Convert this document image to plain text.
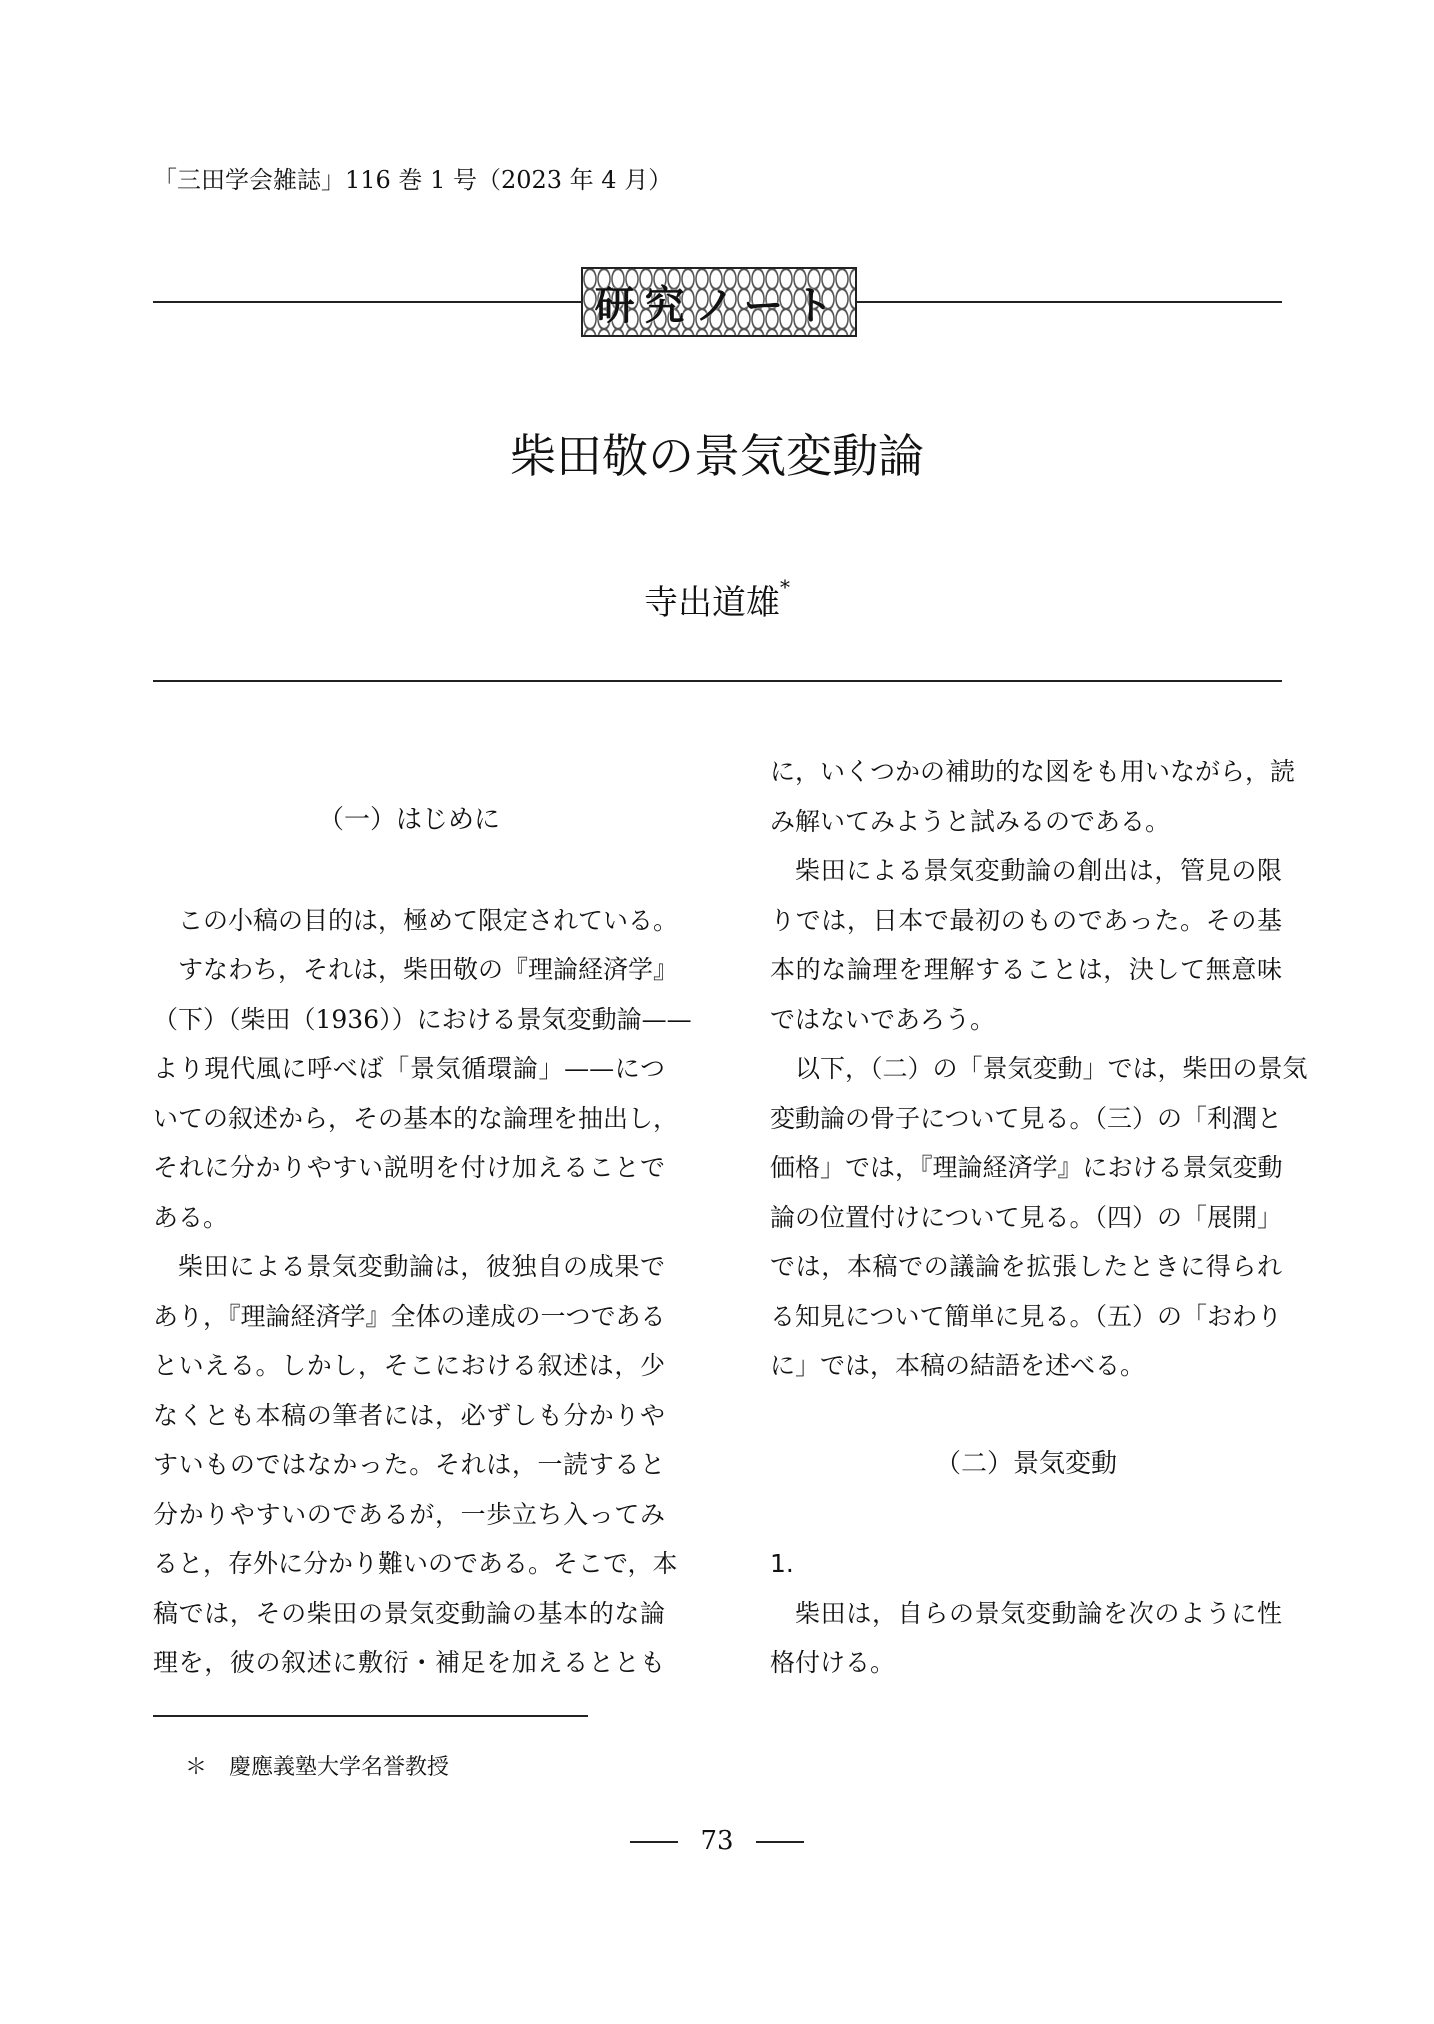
「三田学会雑誌」116 巻 1 号（2023 年 4 月）
研究ノート
柴田敬の景気変動論
寺出道雄*
（一）はじめに
この小稿の目的は，極めて限定されている。
すなわち，それは，柴田敬の『理論経済学』
（下）（柴田（1936））における景気変動論——
より現代風に呼べば「景気循環論」——につ
いての叙述から，その基本的な論理を抽出し，
それに分かりやすい説明を付け加えることで
ある。
柴田による景気変動論は，彼独自の成果で
あり，『理論経済学』全体の達成の一つである
といえる。しかし，そこにおける叙述は，少
なくとも本稿の筆者には，必ずしも分かりや
すいものではなかった。それは，一読すると
分かりやすいのであるが，一歩立ち入ってみ
ると，存外に分かり難いのである。そこで，本
稿では，その柴田の景気変動論の基本的な論
理を，彼の叙述に敷衍・補足を加えるととも
に，いくつかの補助的な図をも用いながら，読
み解いてみようと試みるのである。
柴田による景気変動論の創出は，管見の限
りでは，日本で最初のものであった。その基
本的な論理を理解することは，決して無意味
ではないであろう。
以下，（二）の「景気変動」では，柴田の景気
変動論の骨子について見る。（三）の「利潤と
価格」では，『理論経済学』における景気変動
論の位置付けについて見る。（四）の「展開」
では，本稿での議論を拡張したときに得られ
る知見について簡単に見る。（五）の「おわり
に」では，本稿の結語を述べる。
（二）景気変動
1.
柴田は，自らの景気変動論を次のように性
格付ける。
＊　慶應義塾大学名誉教授
73
